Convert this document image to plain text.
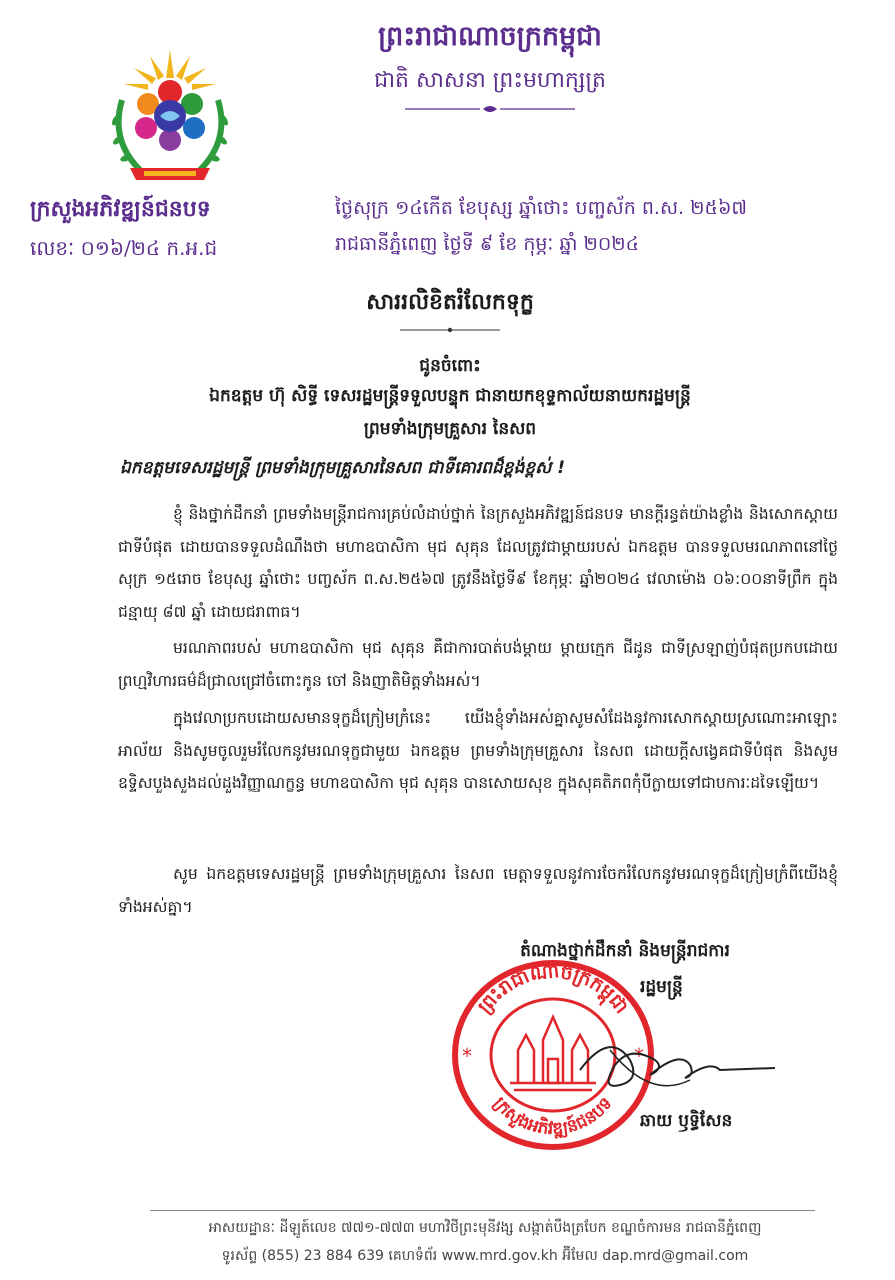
ព្រះរាជាណាចក្រកម្ពុជា
ជាតិ សាសនា ព្រះមហាក្សត្រ
ក្រសួងអភិវឌ្ឍន៍ជនបទ
លេខៈ ០១៦/២៤ ក.អ.ជ
ថ្ងៃសុក្រ ១៤កើត ខែបុស្ស ឆ្នាំថោះ បញ្ចស័ក ព.ស. ២៥៦៧
រាជធានីភ្នំពេញ ថ្ងៃទី ៩ ខែ កុម្ភៈ ឆ្នាំ ២០២៤
សាររលិខិតរំលែកទុក្ខ
ជូនចំពោះ
ឯកឧត្តម ហ៊ុ សិទ្ធី ទេសរដ្ឋមន្ត្រីទទួលបន្ទុក ជានាយកខុទ្ទកាល័យនាយករដ្ឋមន្ត្រី
ព្រមទាំងក្រុមគ្រួសារ នៃសព
ឯកឧត្តមទេសរដ្ឋមន្ត្រី ព្រមទាំងក្រុមគ្រួសារនៃសព ជាទីគោរពដ៏ខ្ពង់ខ្ពស់ !
ខ្ញុំ និងថ្នាក់ដឹកនាំ ព្រមទាំងមន្ត្រីរាជការគ្រប់លំដាប់ថ្នាក់ នៃក្រសួងអភិវឌ្ឍន៍ជនបទ មានក្ដីរន្ធត់យ៉ាងខ្លាំង និងសោកស្ដាយជាទីបំផុត ដោយបានទទួលដំណឹងថា មហាឧបាសិកា មុជ សុគុន ដែលត្រូវជាម្ដាយរបស់ ឯកឧត្តម បានទទួលមរណភាពនៅថ្ងៃសុក្រ ១៥រោច ខែបុស្ស ឆ្នាំថោះ បញ្ចស័ក ព.ស.២៥៦៧ ត្រូវនឹងថ្ងៃទី៩ ខែកុម្ភៈ ឆ្នាំ២០២៤ វេលាម៉ោង ០៦:០០នាទីព្រឹក ក្នុងជន្មាយុ ៨៧ ឆ្នាំ ដោយជរាពាធ។
មរណភាពរបស់ មហាឧបាសិកា មុជ សុគុន គឺជាការបាត់បង់ម្ដាយ ម្ដាយក្មេក ជីដូន ជាទីស្រឡាញ់បំផុតប្រកបដោយព្រហ្មវិហារធម៌ដ៏ជ្រាលជ្រៅចំពោះកូន ចៅ និងញាតិមិត្តទាំងអស់។
ក្នុងវេលាប្រកបដោយសមានទុក្ខដ៏ក្រៀមក្រំនេះ យើងខ្ញុំទាំងអស់គ្នាសូមសំដែងនូវការសោកស្ដាយស្រណោះអាឡោះអាល័យ និងសូមចូលរួមរំលែកនូវមរណទុក្ខជាមួយ ឯកឧត្តម ព្រមទាំងក្រុមគ្រួសារ នៃសព ដោយក្ដីសង្វេគជាទីបំផុត និងសូមឧទ្ទិសបួងសួងដល់ដួងវិញ្ញាណក្ខន្ធ មហាឧបាសិកា មុជ សុគុន បានសោយសុខ ក្នុងសុគតិភពកុំបីក្លាយទៅជាបការៈដទៃឡើយ។
សូម ឯកឧត្តមទេសរដ្ឋមន្ត្រី ព្រមទាំងក្រុមគ្រួសារ នៃសព មេត្តាទទួលនូវការចែករំលែកនូវមរណទុក្ខដ៏ក្រៀមក្រំពីយើងខ្ញុំទាំងអស់គ្នា។
តំណាងថ្នាក់ដឹកនាំ និងមន្ត្រីរាជការ
រដ្ឋមន្ត្រី
ព្រះរាជាណាចក្រកម្ពុជា
ក្រសួងអភិវឌ្ឍន៍ជនបទ
*	*
ឆាយ ឫទ្ធិសែន
អាសយដ្ឋានៈ ដីឡូត៍លេខ ៧៧១-៧៧៣ មហាវិថីព្រះមុនីវង្ស សង្កាត់បឹងត្របែក ខណ្ឌចំការមន រាជធានីភ្នំពេញ
ទូរស័ព្ទ (855) 23 884 639 គេហទំព័រ www.mrd.gov.kh អ៊ីមែល dap.mrd@gmail.com
